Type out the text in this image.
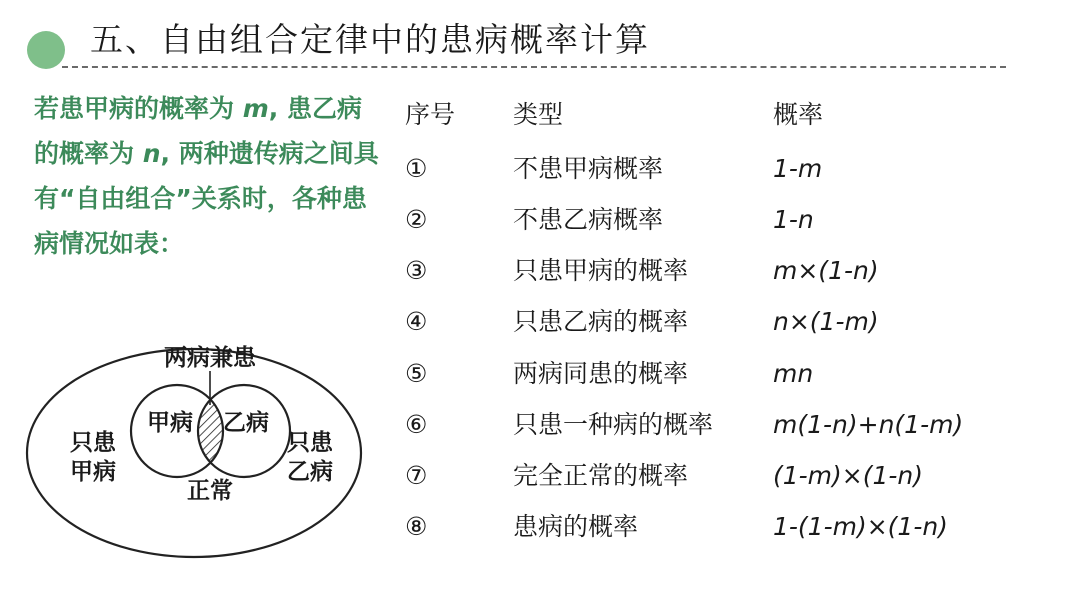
五、自由组合定律中的患病概率计算
若患甲病的概率为 m, 患乙病的概率为 n, 两种遗传病之间具有“自由组合”关系时，各种患病情况如表：
两病兼患
甲病 乙病
只患
甲病
只患
乙病
正常
序号 类型	概率
①	不患甲病概率	1-m
②	不患乙病概率	1-n
③	只患甲病的概率	m×(1-n)
④	只患乙病的概率	n×(1-m)
⑤	两病同患的概率	mn
⑥	只患一种病的概率 m(1-n)+n(1-m)
⑦	完全正常的概率	(1-m)×(1-n)
⑧	患病的概率	1-(1-m)×(1-n)
